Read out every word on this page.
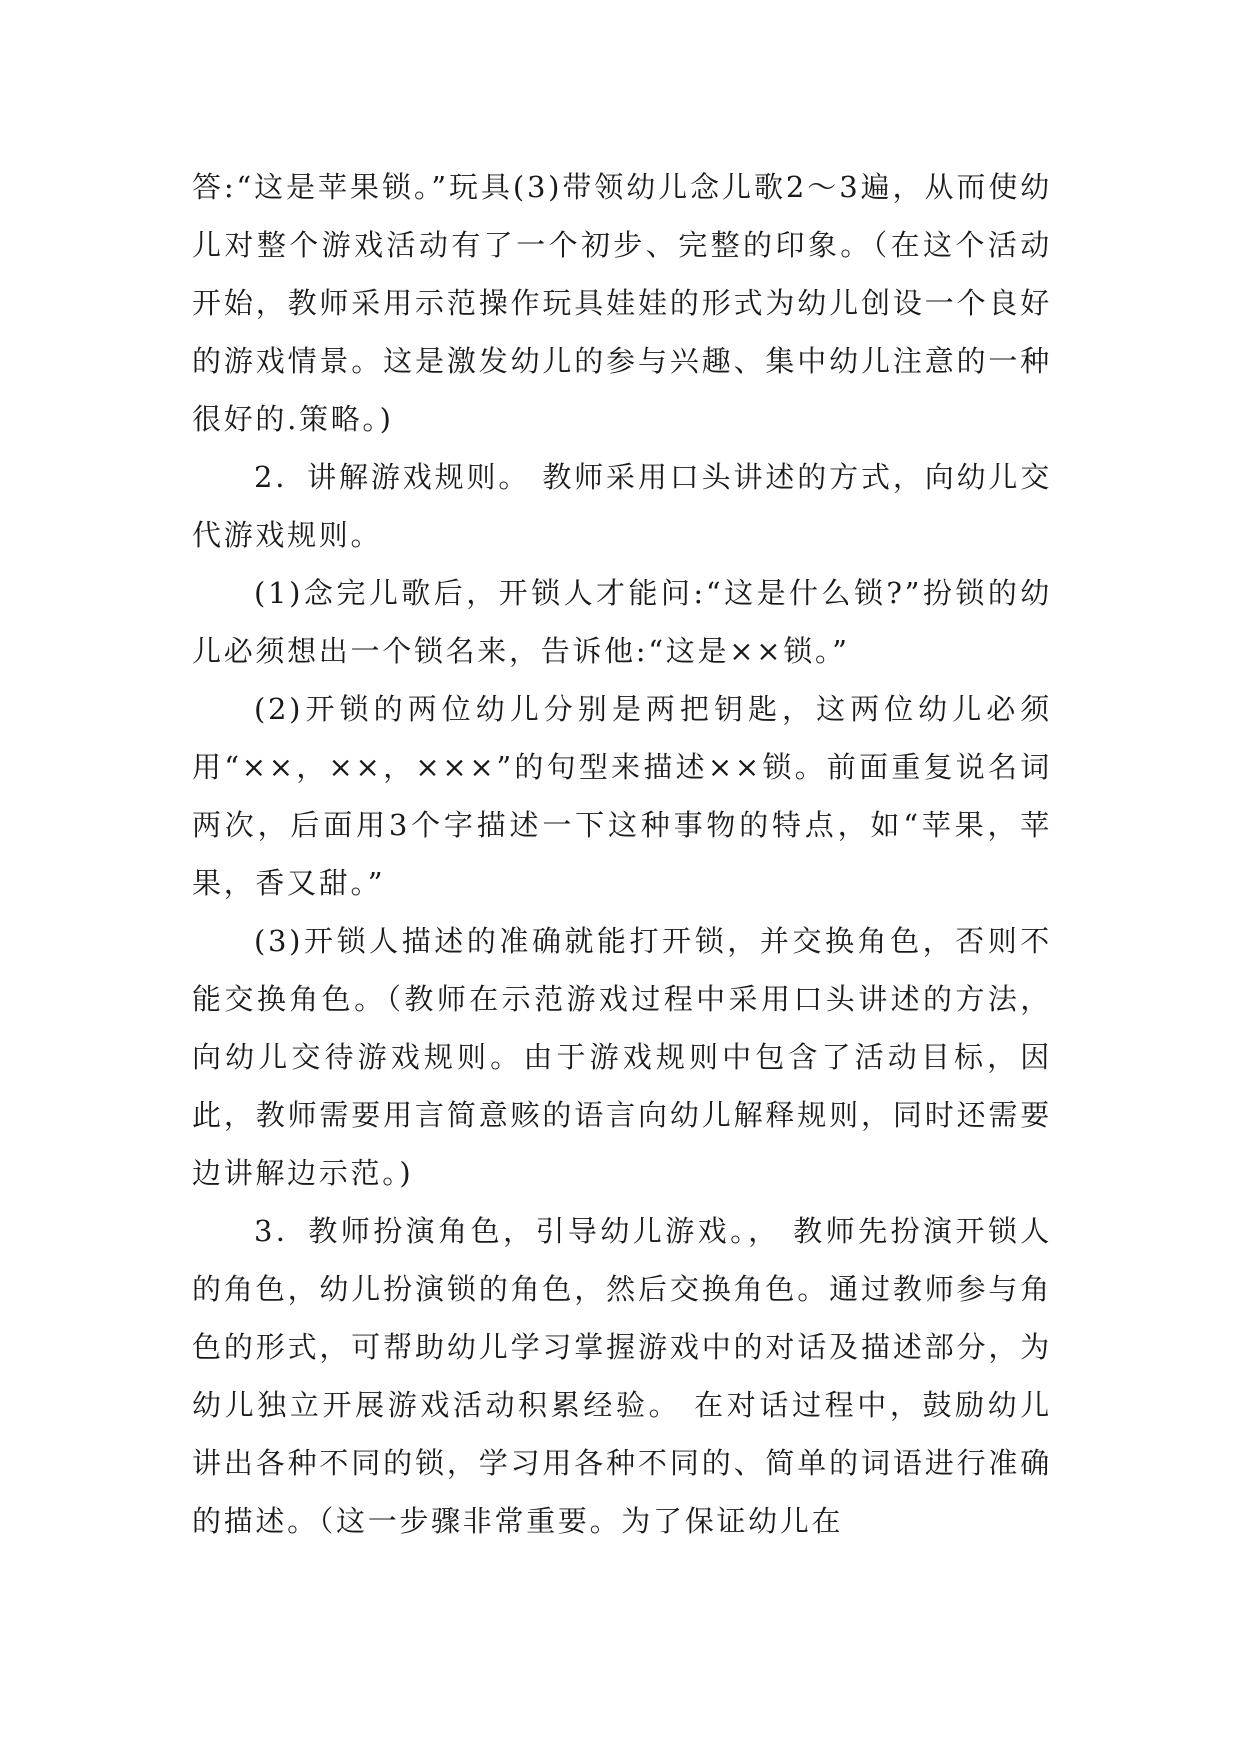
答:“这是苹果锁。”玩具(3)带领幼儿念儿歌2～3遍，从而使幼儿对整个游戏活动有了一个初步、完整的印象。（在这个活动开始，教师采用示范操作玩具娃娃的形式为幼儿创设一个良好的游戏情景。这是激发幼儿的参与兴趣、集中幼儿注意的一种很好的.策略。)

2．讲解游戏规则。 教师采用口头讲述的方式，向幼儿交代游戏规则。

(1)念完儿歌后，开锁人才能问:“这是什么锁?”扮锁的幼儿必须想出一个锁名来，告诉他:“这是××锁。”

(2)开锁的两位幼儿分别是两把钥匙，这两位幼儿必须用“××，××，×××”的句型来描述××锁。前面重复说名词两次，后面用3个字描述一下这种事物的特点，如“苹果，苹果，香又甜。”

(3)开锁人描述的准确就能打开锁，并交换角色，否则不能交换角色。（教师在示范游戏过程中采用口头讲述的方法，向幼儿交待游戏规则。由于游戏规则中包含了活动目标，因此，教师需要用言简意赅的语言向幼儿解释规则，同时还需要边讲解边示范。)

3．教师扮演角色，引导幼儿游戏。， 教师先扮演开锁人的角色，幼儿扮演锁的角色，然后交换角色。通过教师参与角色的形式，可帮助幼儿学习掌握游戏中的对话及描述部分，为幼儿独立开展游戏活动积累经验。 在对话过程中，鼓励幼儿讲出各种不同的锁，学习用各种不同的、简单的词语进行准确的描述。（这一步骤非常重要。为了保证幼儿在
